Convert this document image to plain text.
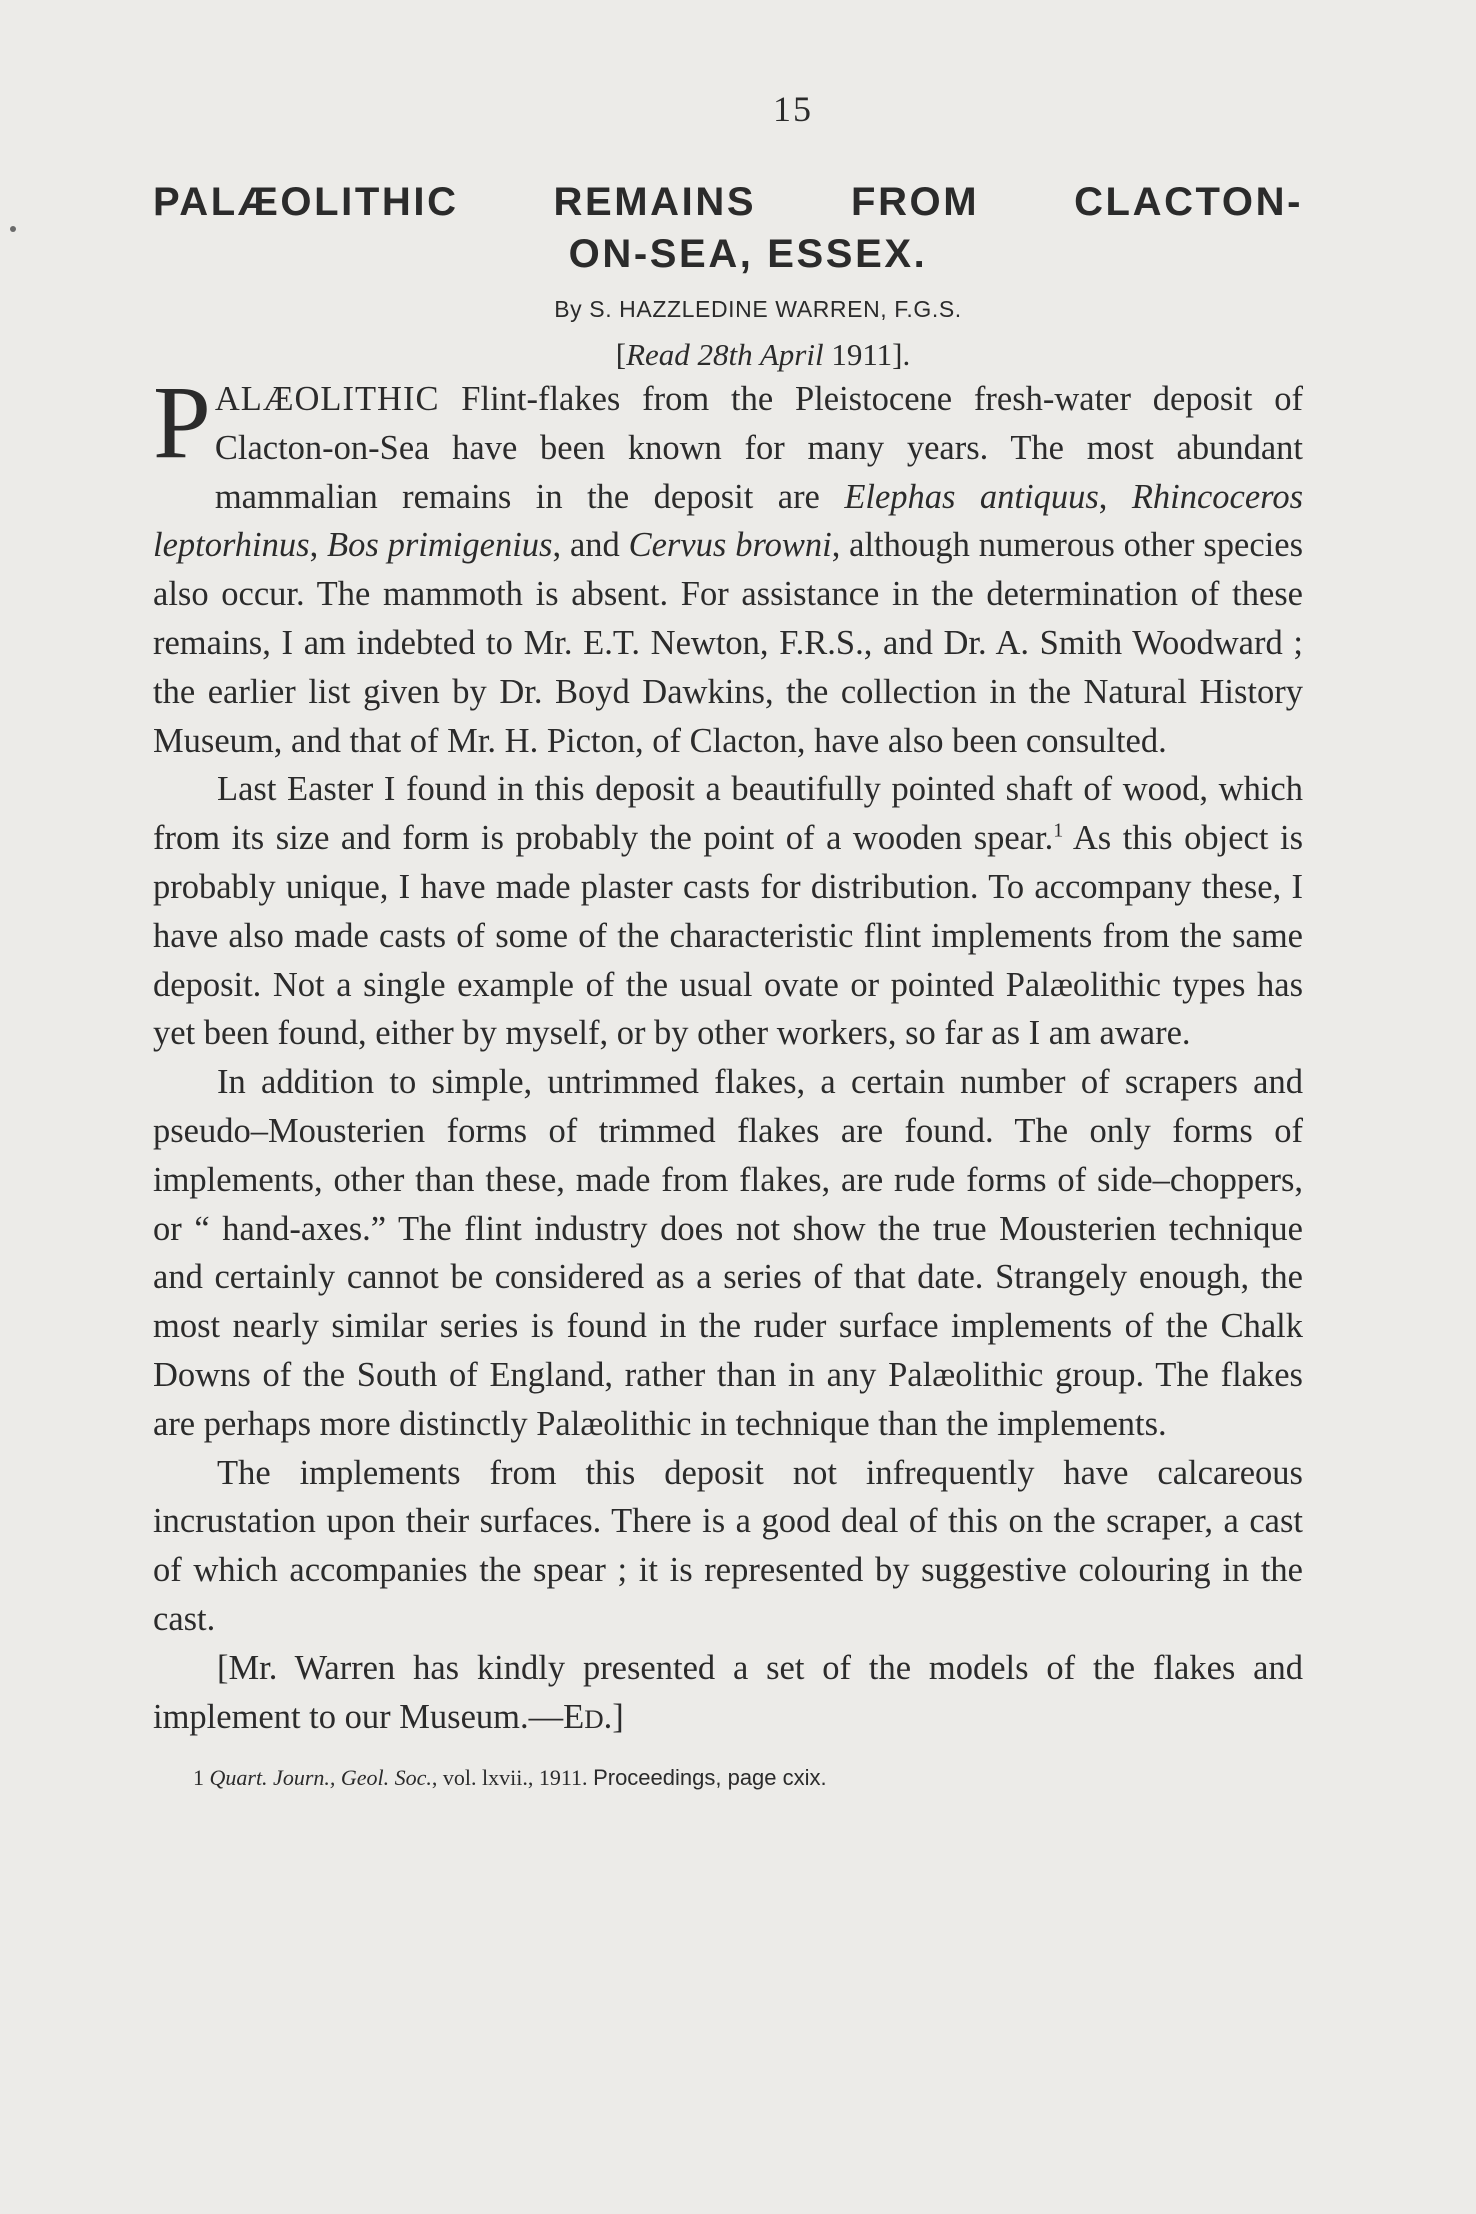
15
PALÆOLITHIC REMAINS FROM CLACTON-
ON-SEA, ESSEX.
By S. HAZZLEDINE WARREN, F.G.S.
[Read 28th April 1911].

PALÆOLITHIC Flint-flakes from the Pleistocene fresh-water deposit of Clacton-on-Sea have been known for many years. The most abundant mammalian remains in the deposit are Elephas antiquus, Rhincoceros leptorhinus, Bos primigenius, and Cervus browni, although numerous other species also occur. The mammoth is absent. For assistance in the determination of these remains, I am indebted to Mr. E.T. Newton, F.R.S., and Dr. A. Smith Woodward ; the earlier list given by Dr. Boyd Dawkins, the collection in the Natural History Museum, and that of Mr. H. Picton, of Clacton, have also been consulted.

Last Easter I found in this deposit a beautifully pointed shaft of wood, which from its size and form is probably the point of a wooden spear.$^1$ As this object is probably unique, I have made plaster casts for distribution. To accompany these, I have also made casts of some of the characteristic flint implements from the same deposit. Not a single example of the usual ovate or pointed Palæolithic types has yet been found, either by myself, or by other workers, so far as I am aware.

In addition to simple, untrimmed flakes, a certain number of scrapers and pseudo–Mousterien forms of trimmed flakes are found. The only forms of implements, other than these, made from flakes, are rude forms of side–choppers, or “ hand-axes.” The flint industry does not show the true Mousterien technique and certainly cannot be considered as a series of that date. Strangely enough, the most nearly similar series is found in the ruder surface implements of the Chalk Downs of the South of England, rather than in any Palæolithic group. The flakes are perhaps more distinctly Palæolithic in technique than the implements.

The implements from this deposit not infrequently have calcareous incrustation upon their surfaces. There is a good deal of this on the scraper, a cast of which accompanies the spear ; it is represented by suggestive colouring in the cast.

[Mr. Warren has kindly presented a set of the models of the flakes and implement to our Museum.—ED.]

1 Quart. Journ., Geol. Soc., vol. lxvii., 1911. Proceedings, page cxix.
